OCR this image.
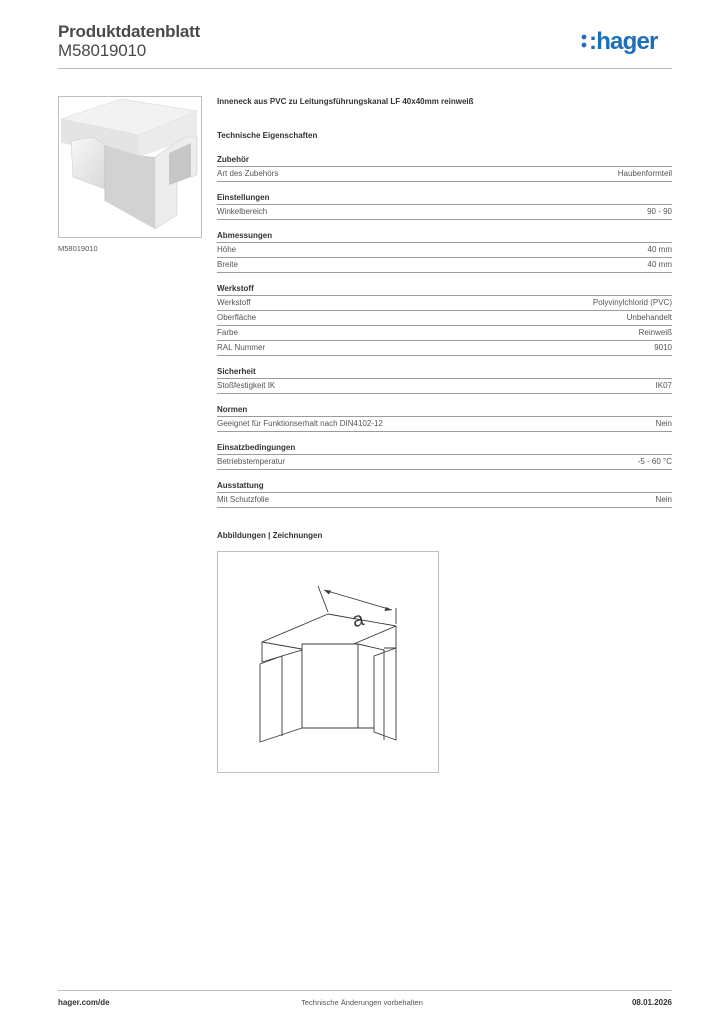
Produktdatenblatt
M58019010	:hager
M58019010
Inneneck aus PVC zu Leitungsführungskanal LF 40x40mm reinweiß
Technische Eigenschaften
Zubehör
Art des Zubehörs	Haubenformteil
Einstellungen
Winkelbereich	90 - 90
Abmessungen
Höhe	40 mm
Breite	40 mm
Werkstoff
Werkstoff	Polyvinylchlorid (PVC)
Oberfläche	Unbehandelt
Farbe	Reinweiß
RAL Nummer	9010
Sicherheit
Stoßfestigkeit IK	IK07
Normen
Geeignet für Funktionserhalt nach DIN4102-12	Nein
Einsatzbedingungen
Betriebstemperatur	-5 - 60 °C
Ausstattung
Mit Schutzfolie	Nein
Abbildungen | Zeichnungen
a
hager.com/de	Technische Änderungen vorbehalten	08.01.2026
